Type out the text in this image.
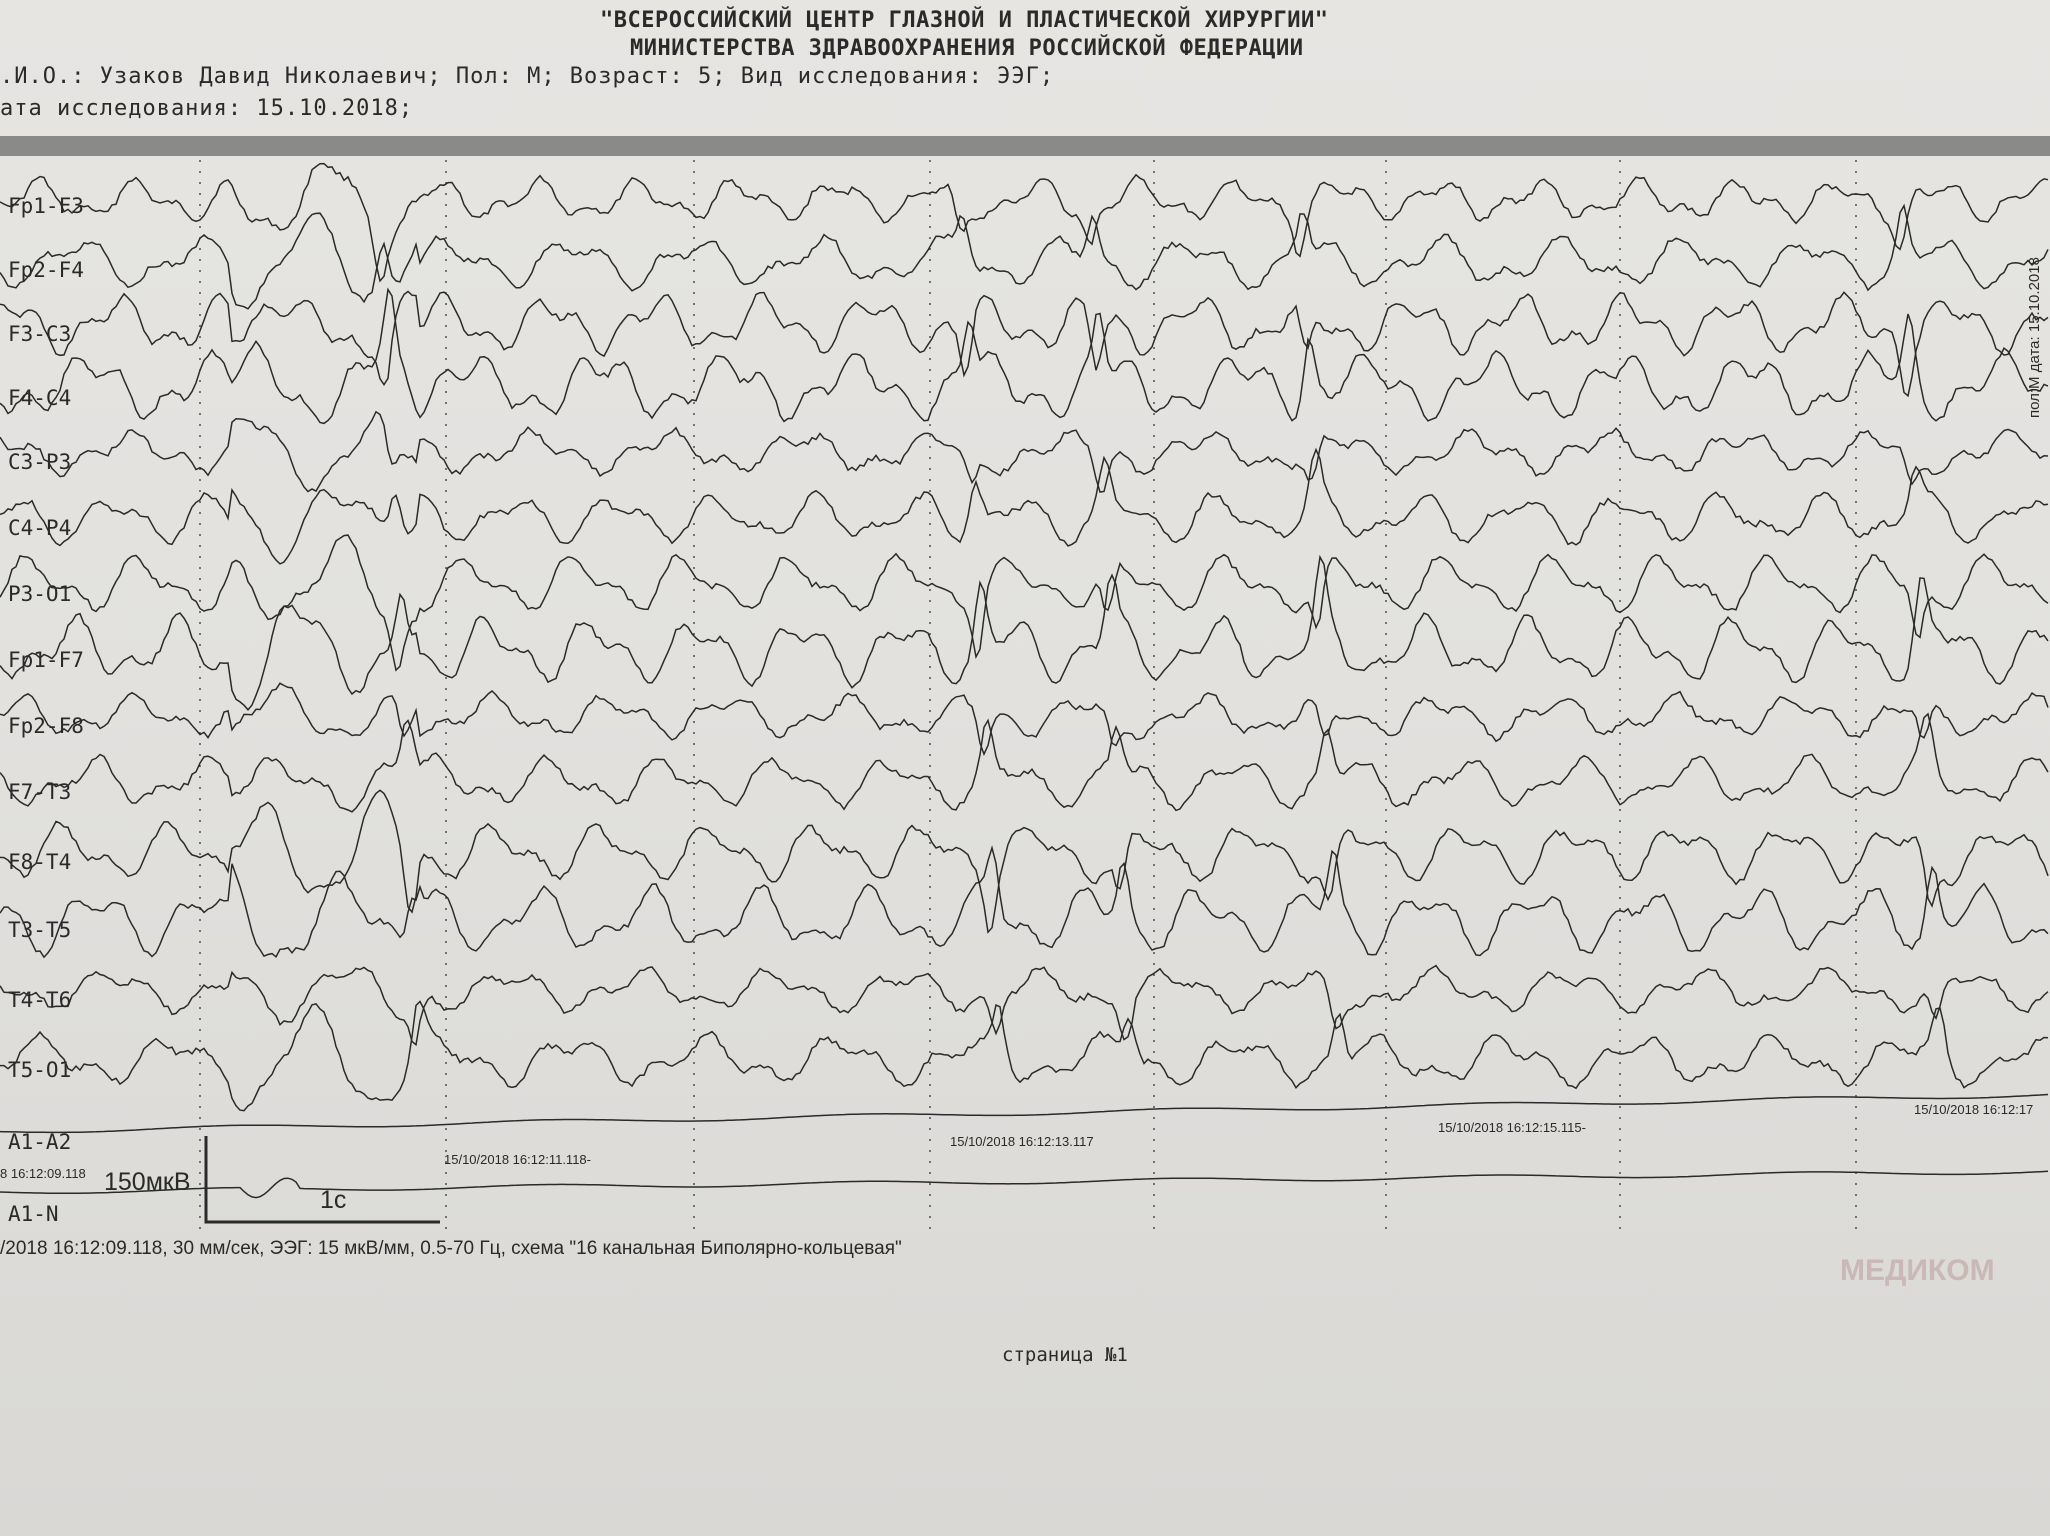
"ВСЕРОССИЙСКИЙ ЦЕНТР ГЛАЗНОЙ И ПЛАСТИЧЕСКОЙ ХИРУРГИИ"
МИНИСТЕРСТВА ЗДРАВООХРАНЕНИЯ РОССИЙСКОЙ ФЕДЕРАЦИИ
.И.О.: Узаков Давид Николаевич; Пол: М; Возраст: 5; Вид исследования: ЭЭГ;
ата исследования: 15.10.2018;
Fp1-F3
Fp2-F4
F3-C3
F4-C4
C3-P3
C4-P4
P3-O1
Fp1-F7
Fp2-F8
F7-T3
F8-T4
T3-T5
T4-T6
T5-O1
A1-A2
A1-N
8 16:12:09.118
15/10/2018 16:12:11.118-
15/10/2018 16:12:13.117
15/10/2018 16:12:15.115-
15/10/2018 16:12:17
150мкВ
1с
/2018 16:12:09.118, 30 мм/сек, ЭЭГ: 15 мкВ/мм, 0.5-70 Гц, схема "16 канальная Биполярно-кольцевая"
страница №1
пол:М дата: 15.10.2018
МЕДИКОМ
